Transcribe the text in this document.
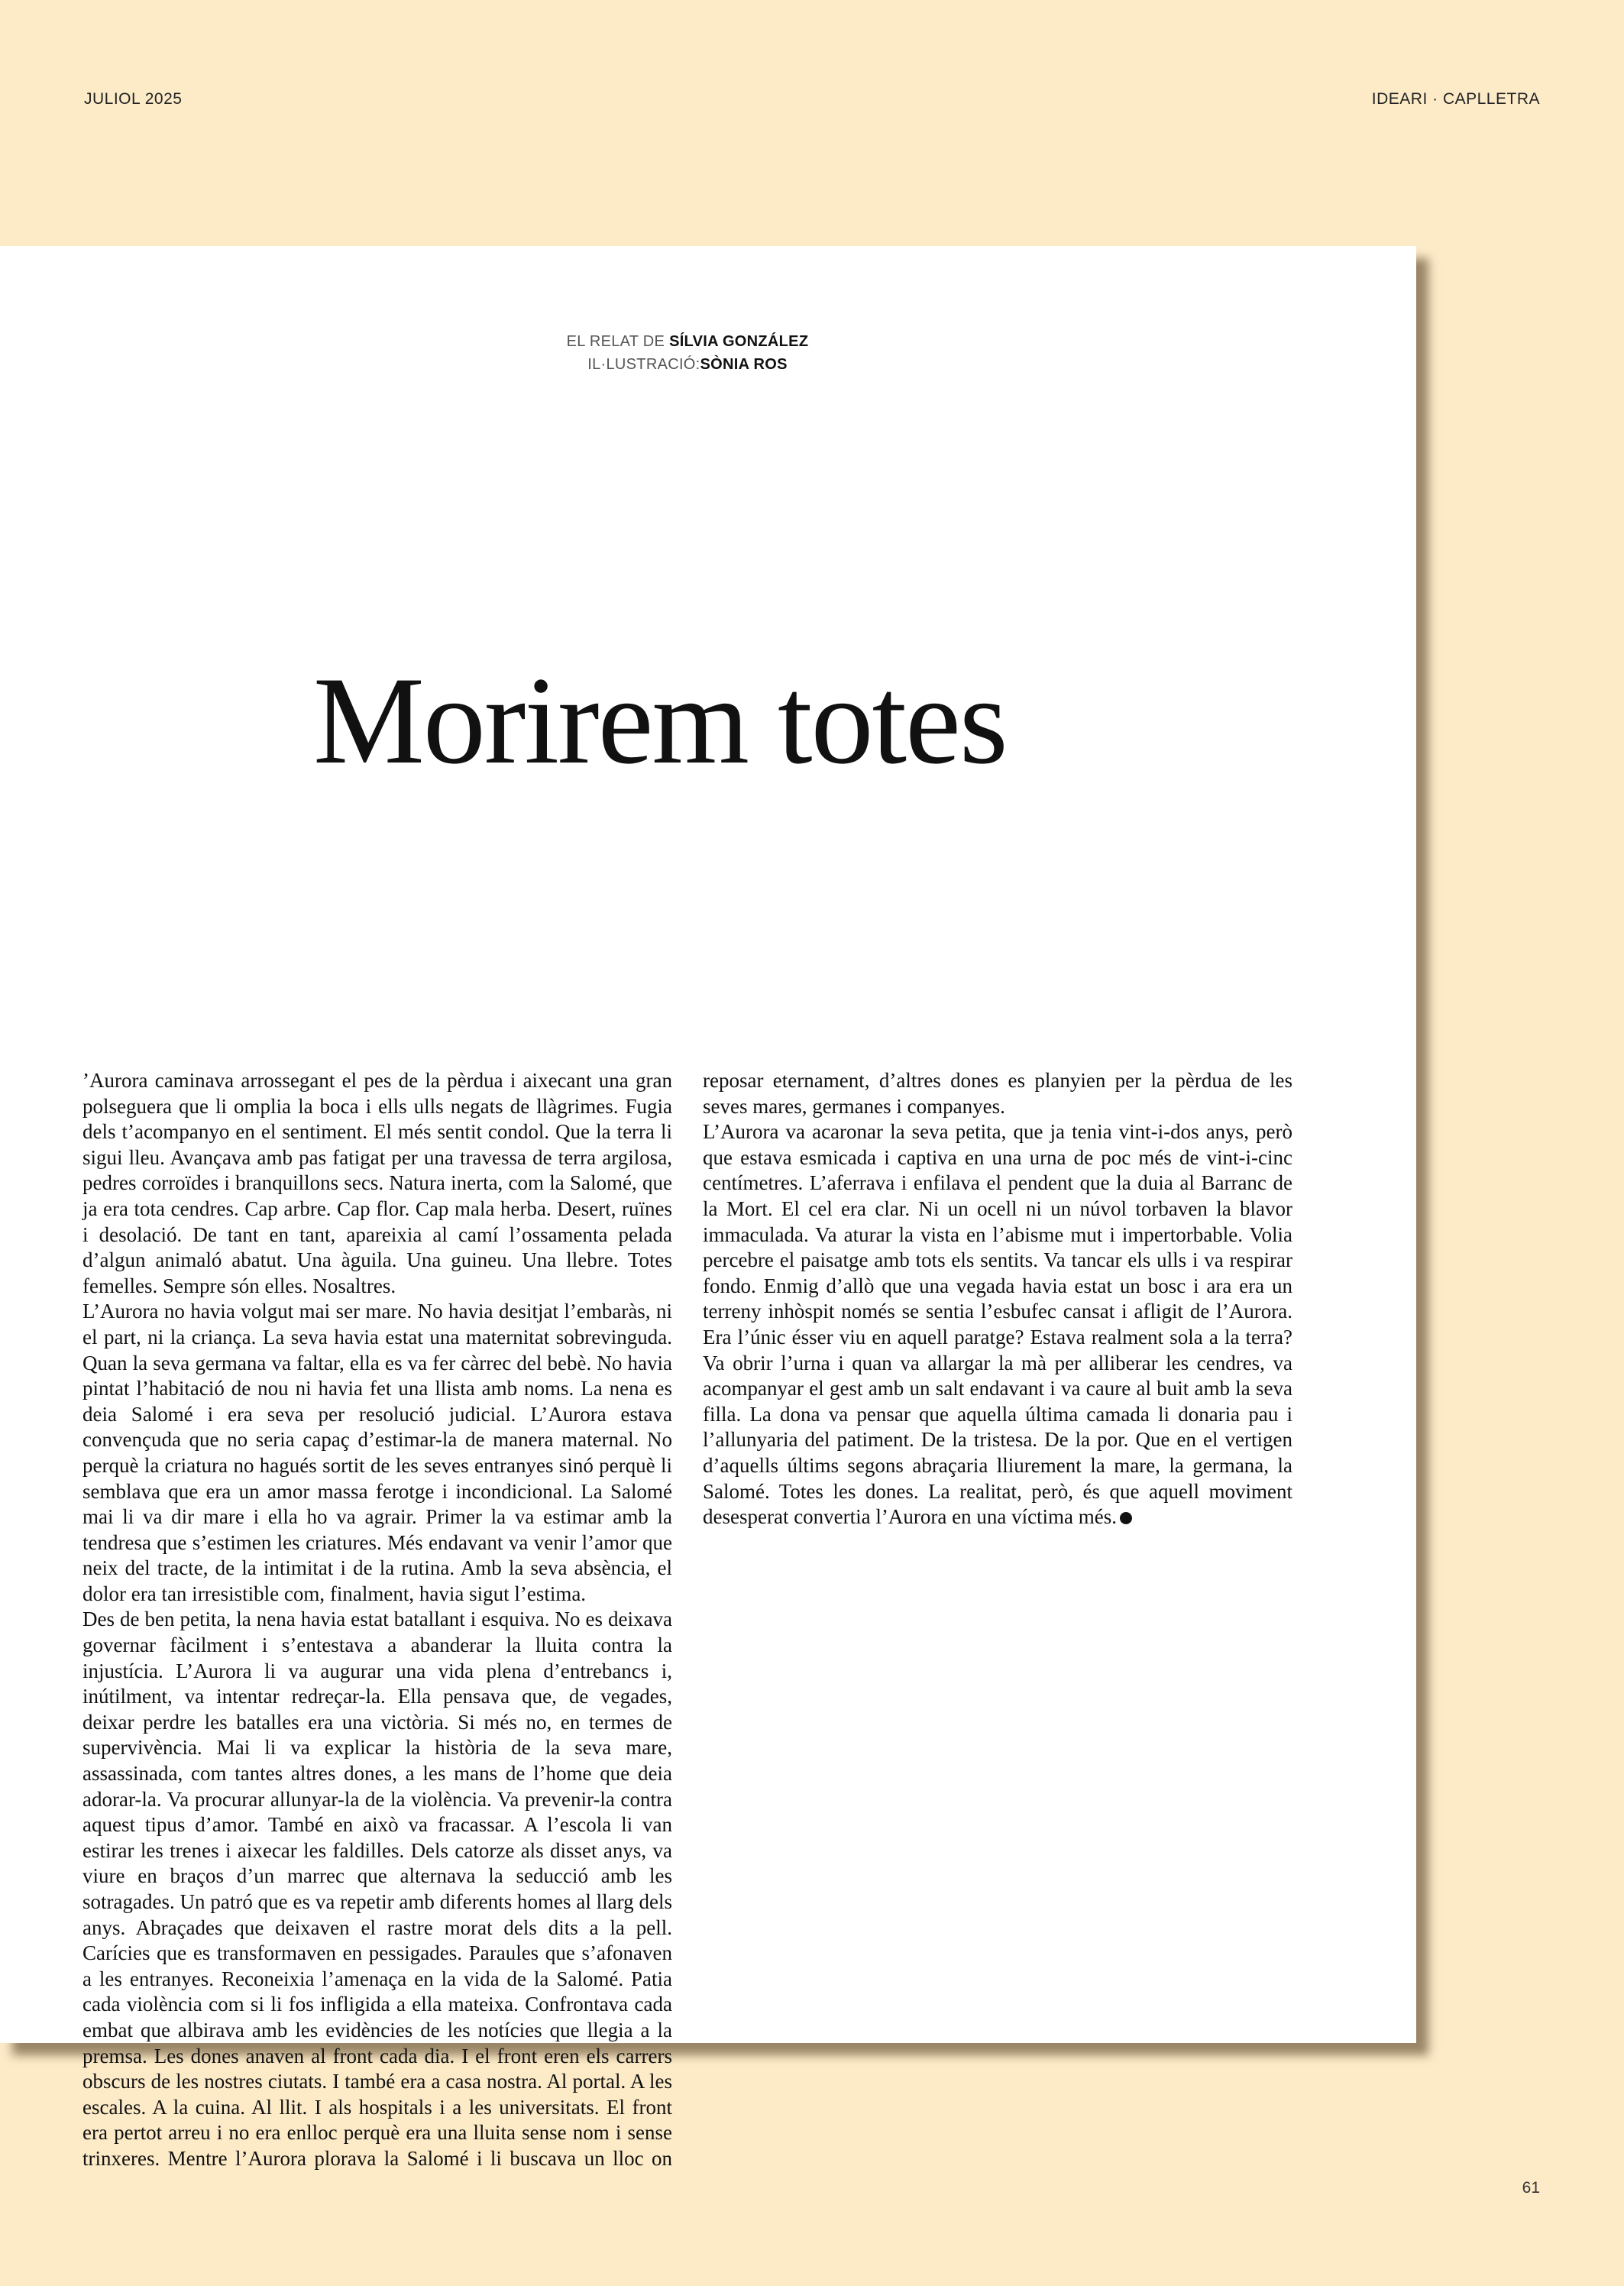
JULIOL 2025	IDEARI · CAPLLETRA
EL RELAT DE SÍLVIA GONZÁLEZ
IL·LUSTRACIÓ:SÒNIA ROS
Morirem totes

’Aurora caminava arrossegant el pes de la pèrdua i aixecant una gran polseguera que li omplia la boca i ells ulls negats de llàgrimes. Fugia dels t’acompanyo en el sentiment. El més sentit condol. Que la terra li sigui lleu. Avançava amb pas fatigat per una travessa de terra argilosa, pedres corroïdes i branquillons secs. Natura inerta, com la Salomé, que ja era tota cendres. Cap arbre. Cap flor. Cap mala herba. Desert, ruïnes i desolació. De tant en tant, apareixia al camí l’ossamenta pelada d’algun animaló abatut. Una àguila. Una guineu. Una llebre. Totes femelles. Sempre són elles. Nosaltres.

L’Aurora no havia volgut mai ser mare. No havia desitjat l’embaràs, ni el part, ni la criança. La seva havia estat una maternitat sobrevinguda. Quan la seva germana va faltar, ella es va fer càrrec del bebè. No havia pintat l’habitació de nou ni havia fet una llista amb noms. La nena es deia Salomé i era seva per resolució judicial. L’Aurora estava convençuda que no seria capaç d’estimar-la de manera maternal. No perquè la criatura no hagués sortit de les seves entranyes sinó perquè li semblava que era un amor massa ferotge i incondicional. La Salomé mai li va dir mare i ella ho va agrair. Primer la va estimar amb la tendresa que s’estimen les criatures. Més endavant va venir l’amor que neix del tracte, de la intimitat i de la rutina. Amb la seva absència, el dolor era tan irresistible com, finalment, havia sigut l’estima.

Des de ben petita, la nena havia estat batallant i esquiva. No es deixava governar fàcilment i s’entestava a abanderar la lluita contra la injustícia. L’Aurora li va augurar una vida plena d’entrebancs i, inútilment, va intentar redreçar-la. Ella pensava que, de vegades, deixar perdre les batalles era una victòria. Si més no, en termes de supervivència. Mai li va explicar la història de la seva mare, assassinada, com tantes altres dones, a les mans de l’home que deia adorar-la. Va procurar allunyar-la de la violència. Va prevenir-la contra aquest tipus d’amor. També en això va fracassar. A l’escola li van estirar les trenes i aixecar les faldilles. Dels catorze als disset anys, va viure en braços d’un marrec que alternava la seducció amb les sotragades. Un patró que es va repetir amb diferents homes al llarg dels anys. Abraçades que deixaven el rastre morat dels dits a la pell. Carícies que es transformaven en pessigades. Paraules que s’afonaven a les entranyes. Reconeixia l’amenaça en la vida de la Salomé. Patia cada violència com si li fos infligida a ella mateixa. Confrontava cada embat que albirava amb les evidències de les notícies que llegia a la premsa. Les dones anaven al front cada dia. I el front eren els carrers obscurs de les nostres ciutats. I també era a casa nostra. Al portal. A les escales. A la cuina. Al llit. I als hospitals i a les universitats. El front era pertot arreu i no era enlloc perquè era una lluita sense nom i sense trinxeres. Mentre l’Aurora plorava la Salomé i li buscava un lloc on reposar eternament, d’altres dones es planyien per la pèrdua de les seves mares, germanes i companyes.

L’Aurora va acaronar la seva petita, que ja tenia vint-i-dos anys, però que estava esmicada i captiva en una urna de poc més de vint-i-cinc centímetres. L’aferrava i enfilava el pendent que la duia al Barranc de la Mort. El cel era clar. Ni un ocell ni un núvol torbaven la blavor immaculada. Va aturar la vista en l’abisme mut i impertorbable. Volia percebre el paisatge amb tots els sentits. Va tancar els ulls i va respirar fondo. Enmig d’allò que una vegada havia estat un bosc i ara era un terreny inhòspit només se sentia l’esbufec cansat i afligit de l’Aurora. Era l’únic ésser viu en aquell paratge? Estava realment sola a la terra? Va obrir l’urna i quan va allargar la mà per alliberar les cendres, va acompanyar el gest amb un salt endavant i va caure al buit amb la seva filla. La dona va pensar que aquella última camada li donaria pau i l’allunyaria del patiment. De la tristesa. De la por. Que en el vertigen d’aquells últims segons abraçaria lliurement la mare, la germana, la Salomé. Totes les dones. La realitat, però, és que aquell moviment desesperat convertia l’Aurora en una víctima més.

61
